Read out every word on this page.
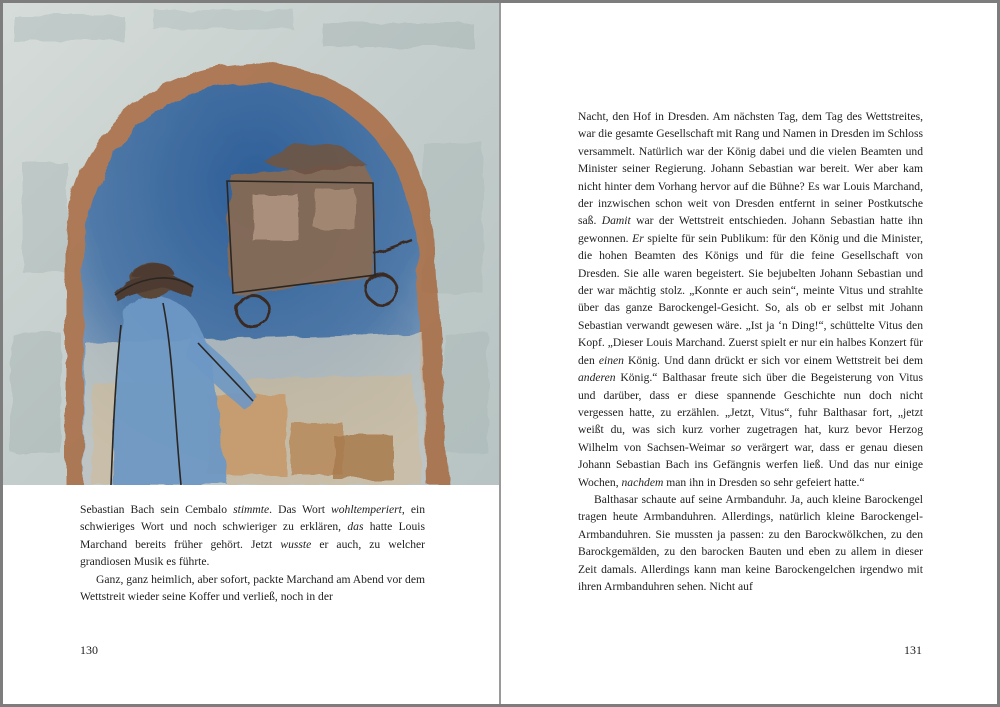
Sebastian Bach sein Cembalo stimmte. Das Wort wohltemperiert, ein schwieriges Wort und noch schwieriger zu erklären, das hatte Louis Marchand bereits früher gehört. Jetzt wusste er auch, zu welcher grandiosen Musik es führte.

Ganz, ganz heimlich, aber sofort, packte Marchand am Abend vor dem Wettstreit wieder seine Koffer und verließ, noch in der

130

Nacht, den Hof in Dresden. Am nächsten Tag, dem Tag des Wettstreites, war die gesamte Gesellschaft mit Rang und Namen in Dresden im Schloss versammelt. Natürlich war der König dabei und die vielen Beamten und Minister seiner Regierung. Johann Sebastian war bereit. Wer aber kam nicht hinter dem Vorhang hervor auf die Bühne? Es war Louis Marchand, der inzwischen schon weit von Dresden entfernt in seiner Postkutsche saß. Damit war der Wettstreit entschieden. Johann Sebastian hatte ihn gewonnen. Er spielte für sein Publikum: für den König und die Minister, die hohen Beamten des Königs und für die feine Gesellschaft von Dresden. Sie alle waren begeistert. Sie bejubelten Johann Sebastian und der war mächtig stolz. „Konnte er auch sein“, meinte Vitus und strahlte über das ganze Barockengel-Gesicht. So, als ob er selbst mit Johann Sebastian verwandt gewesen wäre. „Ist ja ‘n Ding!“, schüttelte Vitus den Kopf. „Dieser Louis Marchand. Zuerst spielt er nur ein halbes Konzert für den einen König. Und dann drückt er sich vor einem Wettstreit bei dem anderen König.“ Balthasar freute sich über die Begeisterung von Vitus und darüber, dass er diese spannende Geschichte nun doch nicht vergessen hatte, zu erzählen. „Jetzt, Vitus“, fuhr Balthasar fort, „jetzt weißt du, was sich kurz vorher zugetragen hat, kurz bevor Herzog Wilhelm von Sachsen-Weimar so verärgert war, dass er genau diesen Johann Sebastian Bach ins Gefängnis werfen ließ. Und das nur einige Wochen, nachdem man ihn in Dresden so sehr gefeiert hatte.“

Balthasar schaute auf seine Armbanduhr. Ja, auch kleine Barockengel tragen heute Armbanduhren. Allerdings, natürlich kleine Barockengel-Armbanduhren. Sie mussten ja passen: zu den Barockwölkchen, zu den Barockgemälden, zu den barocken Bauten und eben zu allem in dieser Zeit damals. Allerdings kann man keine Barockengelchen irgendwo mit ihren Armbanduhren sehen. Nicht auf

131
